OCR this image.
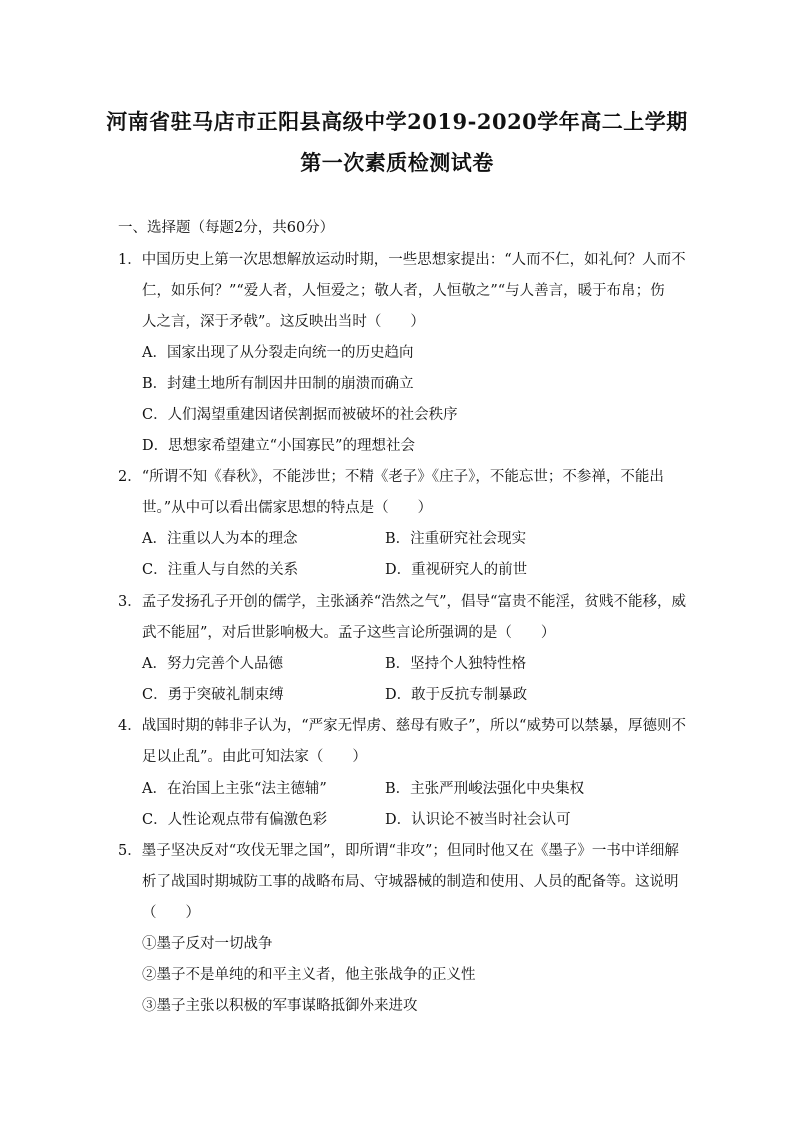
河南省驻马店市正阳县高级中学2019-2020学年高二上学期
第一次素质检测试卷
一、选择题（每题2分，共60分）
1．中国历史上第一次思想解放运动时期，一些思想家提出：“人而不仁，如礼何？人而不
仁，如乐何？”“爱人者，人恒爱之；敬人者，人恒敬之”“与人善言，暖于布帛；伤
人之言，深于矛戟”。这反映出当时（　　）
A．国家出现了从分裂走向统一的历史趋向
B．封建土地所有制因井田制的崩溃而确立
C．人们渴望重建因诸侯割据而被破坏的社会秩序
D．思想家希望建立“小国寡民”的理想社会
2．“所谓不知《春秋》，不能涉世；不精《老子》《庄子》，不能忘世；不参禅，不能出
世。”从中可以看出儒家思想的特点是（　　）
A．注重以人为本的理念	B．注重研究社会现实
C．注重人与自然的关系	D．重视研究人的前世
3．孟子发扬孔子开创的儒学，主张涵养“浩然之气”，倡导“富贵不能淫，贫贱不能移，威
武不能屈”，对后世影响极大。孟子这些言论所强调的是（　　）
A．努力完善个人品德	B．坚持个人独特性格
C．勇于突破礼制束缚	D．敢于反抗专制暴政
4．战国时期的韩非子认为，“严家无悍虏、慈母有败子”，所以“威势可以禁暴，厚德则不
足以止乱”。由此可知法家（　　）
A．在治国上主张“法主德辅”	B．主张严刑峻法强化中央集权
C．人性论观点带有偏激色彩	D．认识论不被当时社会认可
5．墨子坚决反对“攻伐无罪之国”，即所谓“非攻”；但同时他又在《墨子》一书中详细解
析了战国时期城防工事的战略布局、守城器械的制造和使用、人员的配备等。这说明
（　　）
①墨子反对一切战争
②墨子不是单纯的和平主义者，他主张战争的正义性
③墨子主张以积极的军事谋略抵御外来进攻
